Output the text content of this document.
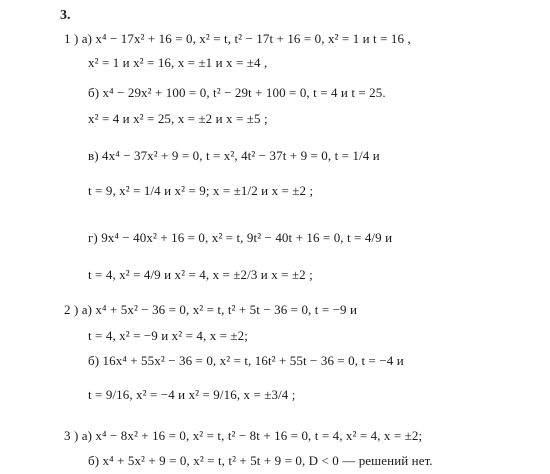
3.
1 ) а) x⁴ − 17x² + 16 = 0, x² = t, t² − 17t + 16 = 0, x² = 1 и t = 16 ,
x² = 1 и x² = 16, x = ±1 и x = ±4 ,
б) x⁴ − 29x² + 100 = 0, t² − 29t + 100 = 0, t = 4 и t = 25.
x² = 4 и x² = 25, x = ±2 и x = ±5 ;
в) 4x⁴ − 37x² + 9 = 0, t = x², 4t² − 37t + 9 = 0, t = 1/4 и
t = 9, x² = 1/4 и x² = 9; x = ±1/2 и x = ±2 ;
г) 9x⁴ − 40x² + 16 = 0, x² = t, 9t² − 40t + 16 = 0, t = 4/9 и
t = 4, x² = 4/9 и x² = 4, x = ±2/3 и x = ±2 ;
2 ) а) x⁴ + 5x² − 36 = 0, x² = t, t² + 5t − 36 = 0, t = −9 и
t = 4, x² = −9 и x² = 4, x = ±2;
б) 16x⁴ + 55x² − 36 = 0, x² = t, 16t² + 55t − 36 = 0, t = −4 и
t = 9/16, x² = −4 и x² = 9/16, x = ±3/4 ;
3 ) а) x⁴ − 8x² + 16 = 0, x² = t, t² − 8t + 16 = 0, t = 4, x² = 4, x = ±2;
б) x⁴ + 5x² + 9 = 0, x² = t, t² + 5t + 9 = 0, D < 0 — решений нет.
